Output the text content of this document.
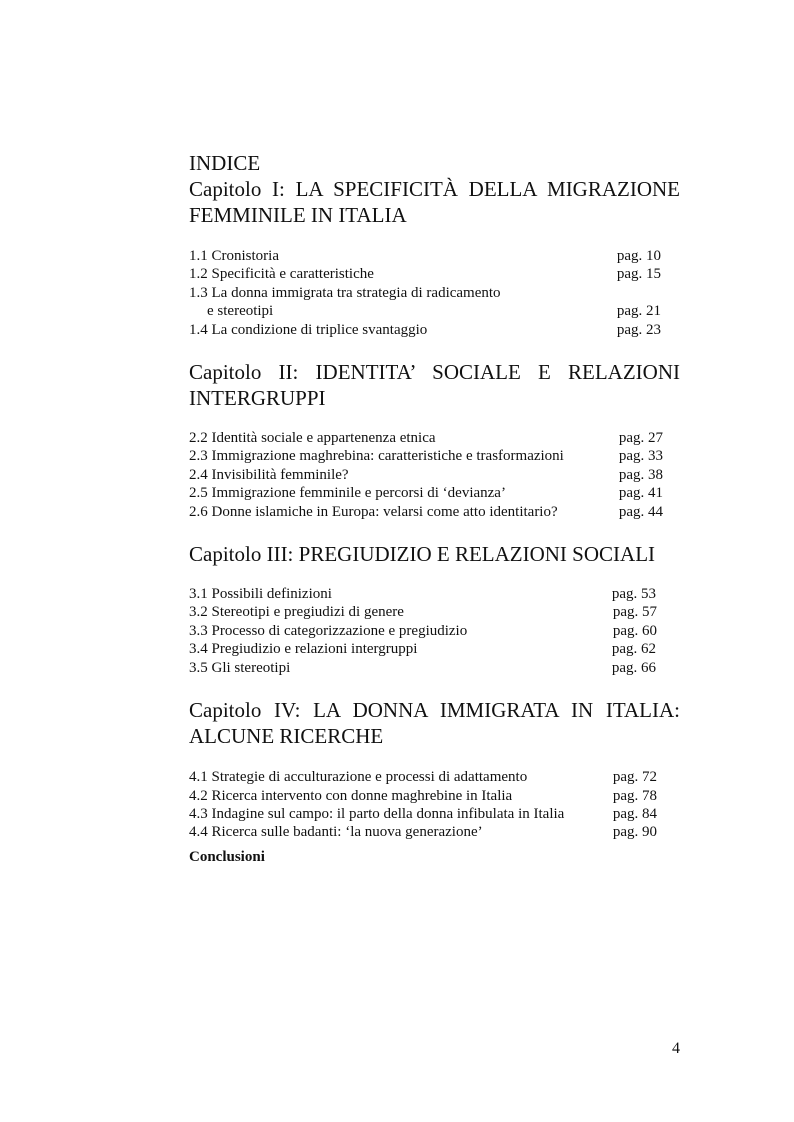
INDICE
Capitolo I: LA SPECIFICITÀ DELLA MIGRAZIONE
FEMMINILE IN ITALIA
1.1 Cronistoria	pag. 10
1.2 Specificità e caratteristiche	pag. 15
1.3 La donna immigrata tra strategia di radicamento
e stereotipi	pag. 21
1.4 La condizione di triplice svantaggio	pag. 23
Capitolo II: IDENTITA’ SOCIALE E RELAZIONI
INTERGRUPPI
2.2 Identità sociale e appartenenza etnica	pag. 27
2.3 Immigrazione maghrebina: caratteristiche e trasformazioni	pag. 33
2.4 Invisibilità femminile?	pag. 38
2.5 Immigrazione femminile e percorsi di ‘devianza’	pag. 41
2.6 Donne islamiche in Europa: velarsi come atto identitario?	pag. 44
Capitolo III: PREGIUDIZIO E RELAZIONI SOCIALI
3.1 Possibili definizioni	pag. 53
3.2 Stereotipi e pregiudizi di genere	pag. 57
3.3 Processo di categorizzazione e pregiudizio	pag. 60
3.4 Pregiudizio e relazioni intergruppi	pag. 62
3.5 Gli stereotipi	pag. 66
Capitolo IV: LA DONNA IMMIGRATA IN ITALIA:
ALCUNE RICERCHE
4.1 Strategie di acculturazione e processi di adattamento	pag. 72
4.2 Ricerca intervento con donne maghrebine in Italia	pag. 78
4.3 Indagine sul campo: il parto della donna infibulata in Italia	pag. 84
4.4 Ricerca sulle badanti: ‘la nuova generazione’	pag. 90

Conclusioni

4
